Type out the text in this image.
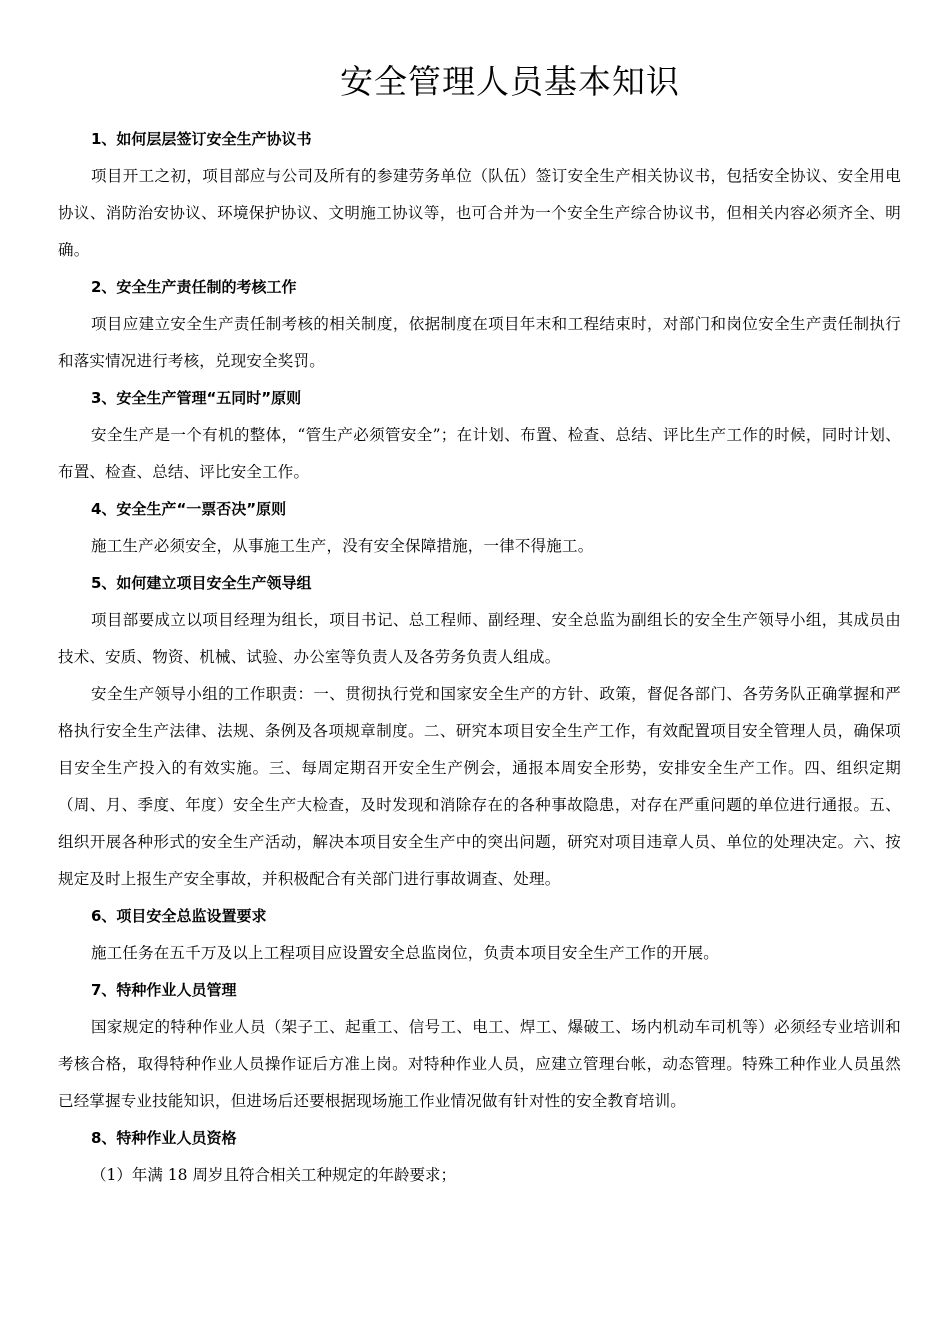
安全管理人员基本知识

1、如何层层签订安全生产协议书

项目开工之初，项目部应与公司及所有的参建劳务单位（队伍）签订安全生产相关协议书，包括安全协议、安全用电协议、消防治安协议、环境保护协议、文明施工协议等，也可合并为一个安全生产综合协议书，但相关内容必须齐全、明确。

2、安全生产责任制的考核工作

项目应建立安全生产责任制考核的相关制度，依据制度在项目年末和工程结束时，对部门和岗位安全生产责任制执行和落实情况进行考核，兑现安全奖罚。

3、安全生产管理“五同时”原则

安全生产是一个有机的整体，“管生产必须管安全”；在计划、布置、检查、总结、评比生产工作的时候，同时计划、布置、检查、总结、评比安全工作。

4、安全生产“一票否决”原则

施工生产必须安全，从事施工生产，没有安全保障措施，一律不得施工。

5、如何建立项目安全生产领导组

项目部要成立以项目经理为组长，项目书记、总工程师、副经理、安全总监为副组长的安全生产领导小组，其成员由技术、安质、物资、机械、试验、办公室等负责人及各劳务负责人组成。

安全生产领导小组的工作职责：一、贯彻执行党和国家安全生产的方针、政策，督促各部门、各劳务队正确掌握和严格执行安全生产法律、法规、条例及各项规章制度。二、研究本项目安全生产工作，有效配置项目安全管理人员，确保项目安全生产投入的有效实施。三、每周定期召开安全生产例会，通报本周安全形势，安排安全生产工作。四、组织定期（周、月、季度、年度）安全生产大检查，及时发现和消除存在的各种事故隐患，对存在严重问题的单位进行通报。五、组织开展各种形式的安全生产活动，解决本项目安全生产中的突出问题，研究对项目违章人员、单位的处理决定。六、按规定及时上报生产安全事故，并积极配合有关部门进行事故调查、处理。

6、项目安全总监设置要求

施工任务在五千万及以上工程项目应设置安全总监岗位，负责本项目安全生产工作的开展。

7、特种作业人员管理

国家规定的特种作业人员（架子工、起重工、信号工、电工、焊工、爆破工、场内机动车司机等）必须经专业培训和考核合格，取得特种作业人员操作证后方准上岗。对特种作业人员，应建立管理台帐，动态管理。特殊工种作业人员虽然已经掌握专业技能知识，但进场后还要根据现场施工作业情况做有针对性的安全教育培训。

8、特种作业人员资格

（1）年满 18 周岁且符合相关工种规定的年龄要求；
